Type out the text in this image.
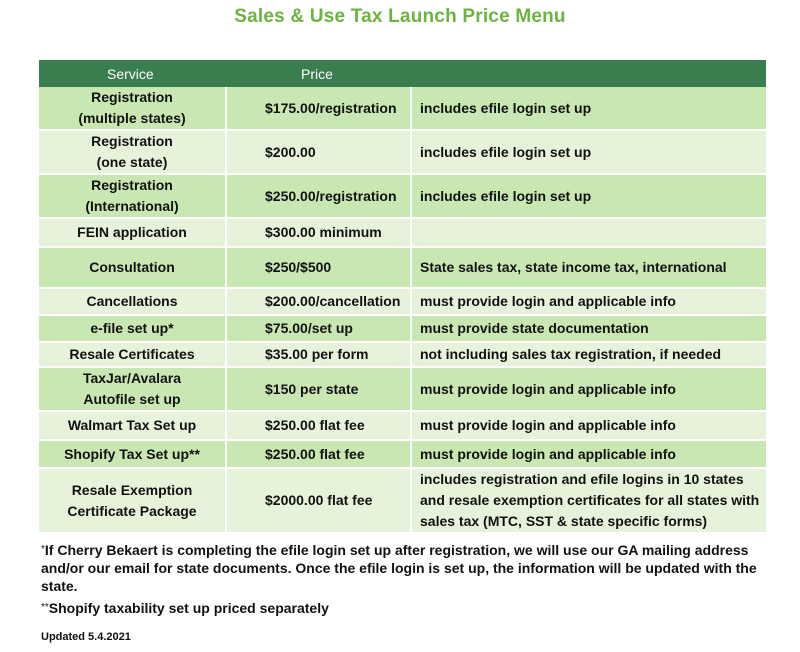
Sales & Use Tax Launch Price Menu
Service	Price	
Registration
(multiple states)	$175.00/registration	includes efile login set up
Registration
(one state)	$200.00	includes efile login set up
Registration
(International)	$250.00/registration	includes efile login set up
FEIN application	$300.00 minimum	
Consultation	$250/$500	State sales tax, state income tax, international
Cancellations	$200.00/cancellation	must provide login and applicable info
e-file set up*	$75.00/set up	must provide state documentation
Resale Certificates	$35.00 per form	not including sales tax registration, if needed
TaxJar/Avalara
Autofile set up	$150 per state	must provide login and applicable info
Walmart Tax Set up	$250.00 flat fee	must provide login and applicable info
Shopify Tax Set up**	$250.00 flat fee	must provide login and applicable info
Resale Exemption
Certificate Package	$2000.00 flat fee	includes registration and efile logins in 10 states and resale exemption certificates for all states with sales tax (MTC, SST & state specific forms)
*If Cherry Bekaert is completing the efile login set up after registration, we will use our GA mailing address and/or our email for state documents. Once the efile login is set up, the information will be updated with the state.
**Shopify taxability set up priced separately
Updated 5.4.2021
